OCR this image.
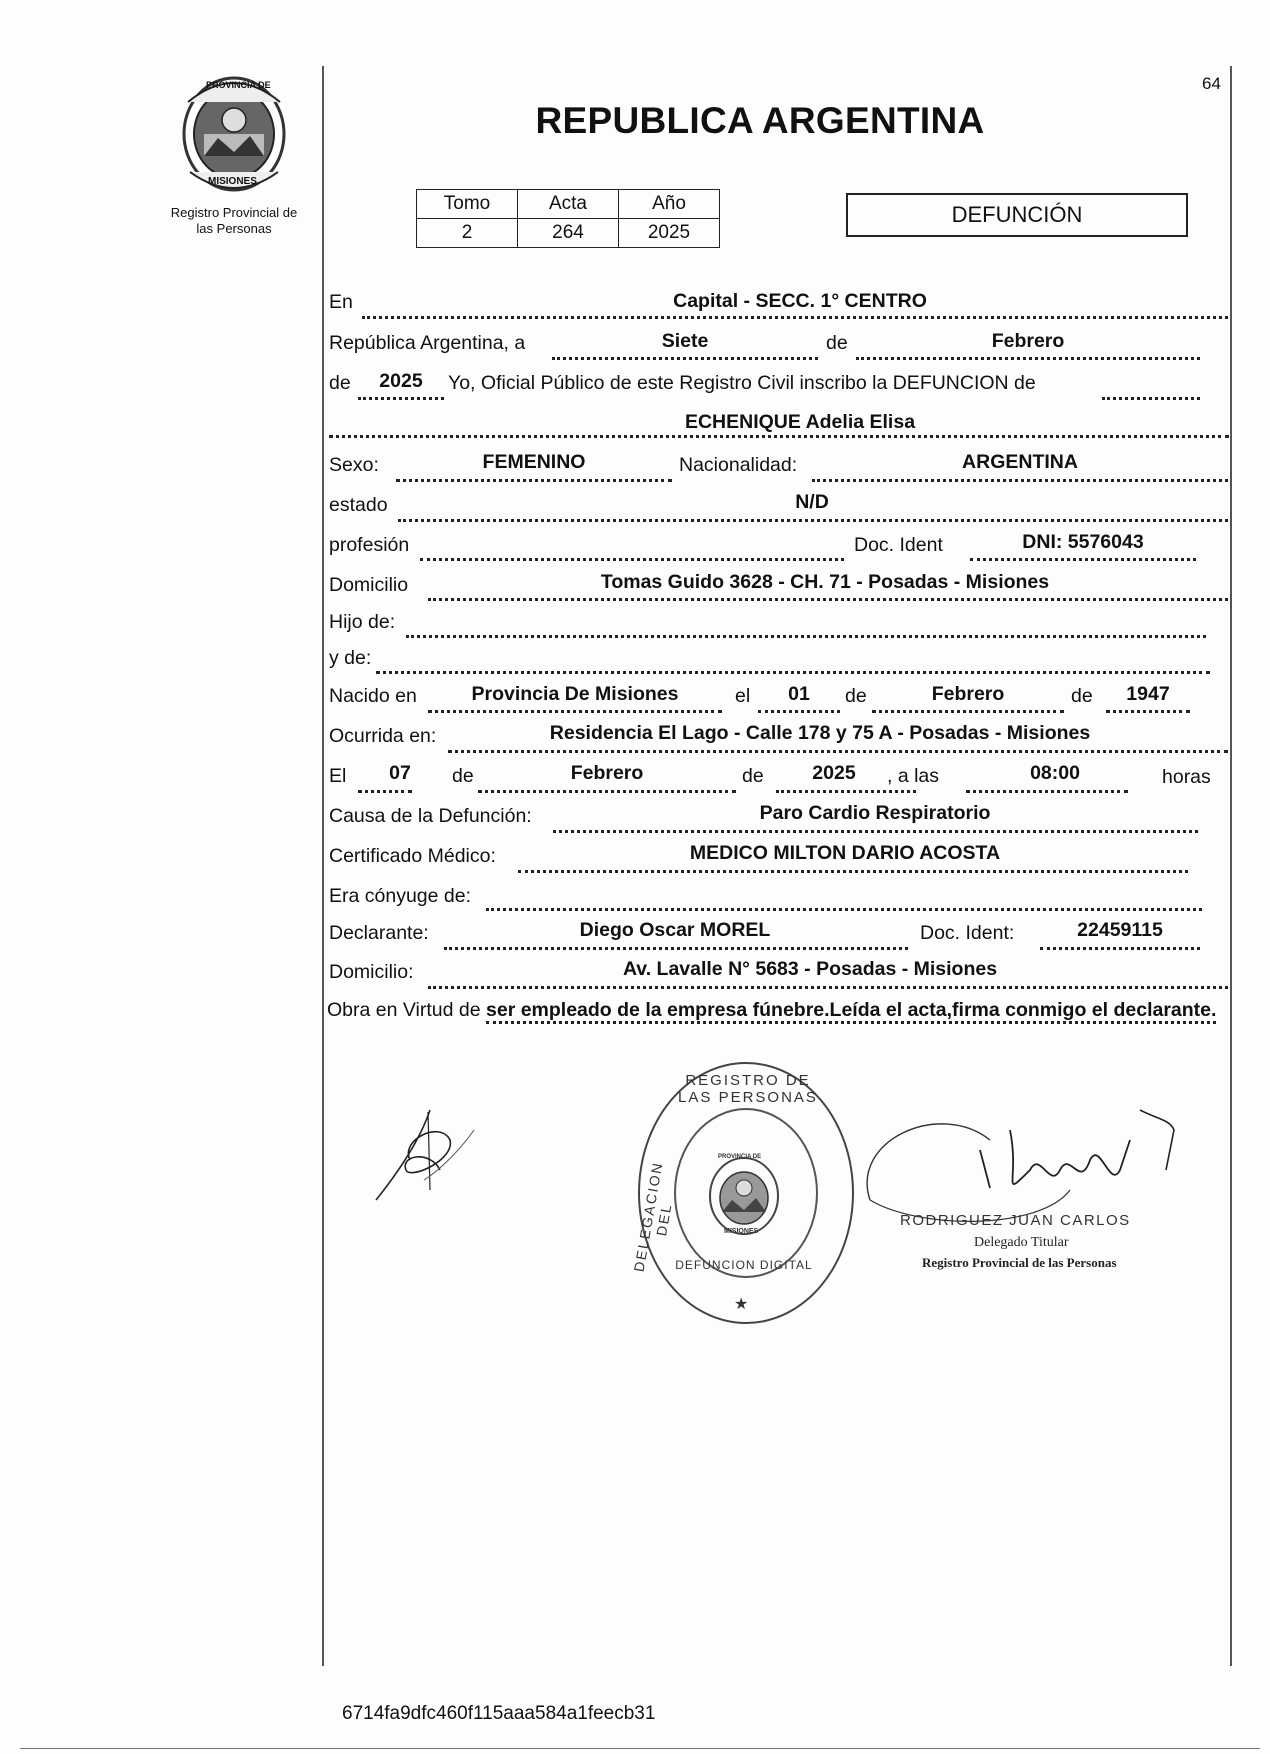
PROVINCIA DE
MISIONES
Registro Provincial de
las Personas
64
REPUBLICA ARGENTINA
Tomo	Acta	Año
2	264	2025
DEFUNCIÓN
En	Capital - SECC. 1° CENTRO
República Argentina, a	Siete	de	Febrero
de	2025	Yo, Oficial Público de este Registro Civil inscribo la DEFUNCION de
ECHENIQUE Adelia Elisa
Sexo:	FEMENINO	Nacionalidad:	ARGENTINA
estado	N/D
profesión	Doc. Ident	DNI: 5576043
Domicilio	Tomas Guido 3628 - CH. 71 - Posadas - Misiones
Hijo de:
y de:
Nacido en	Provincia De Misiones	el	01	de	Febrero	de	1947
Ocurrida en:	Residencia El Lago - Calle 178 y 75 A - Posadas - Misiones
El	07	de	Febrero	de	2025	, a las	08:00	horas
Causa de la Defunción:	Paro Cardio Respiratorio
Certificado Médico:	MEDICO MILTON DARIO ACOSTA
Era cónyuge de:
Declarante:	Diego Oscar MOREL	Doc. Ident:	22459115
Domicilio:	Av. Lavalle N° 5683 - Posadas - Misiones
Obra en Virtud de ser empleado de la empresa fúnebre.Leída el acta,firma conmigo el declarante.
REGISTRO DE LAS PERSONAS
DELEGACION DEL
PROVINCIA DE
MISIONES
DEFUNCION DIGITAL
★
RODRIGUEZ JUAN CARLOS
Delegado Titular
Registro Provincial de las Personas
6714fa9dfc460f115aaa584a1feecb31
